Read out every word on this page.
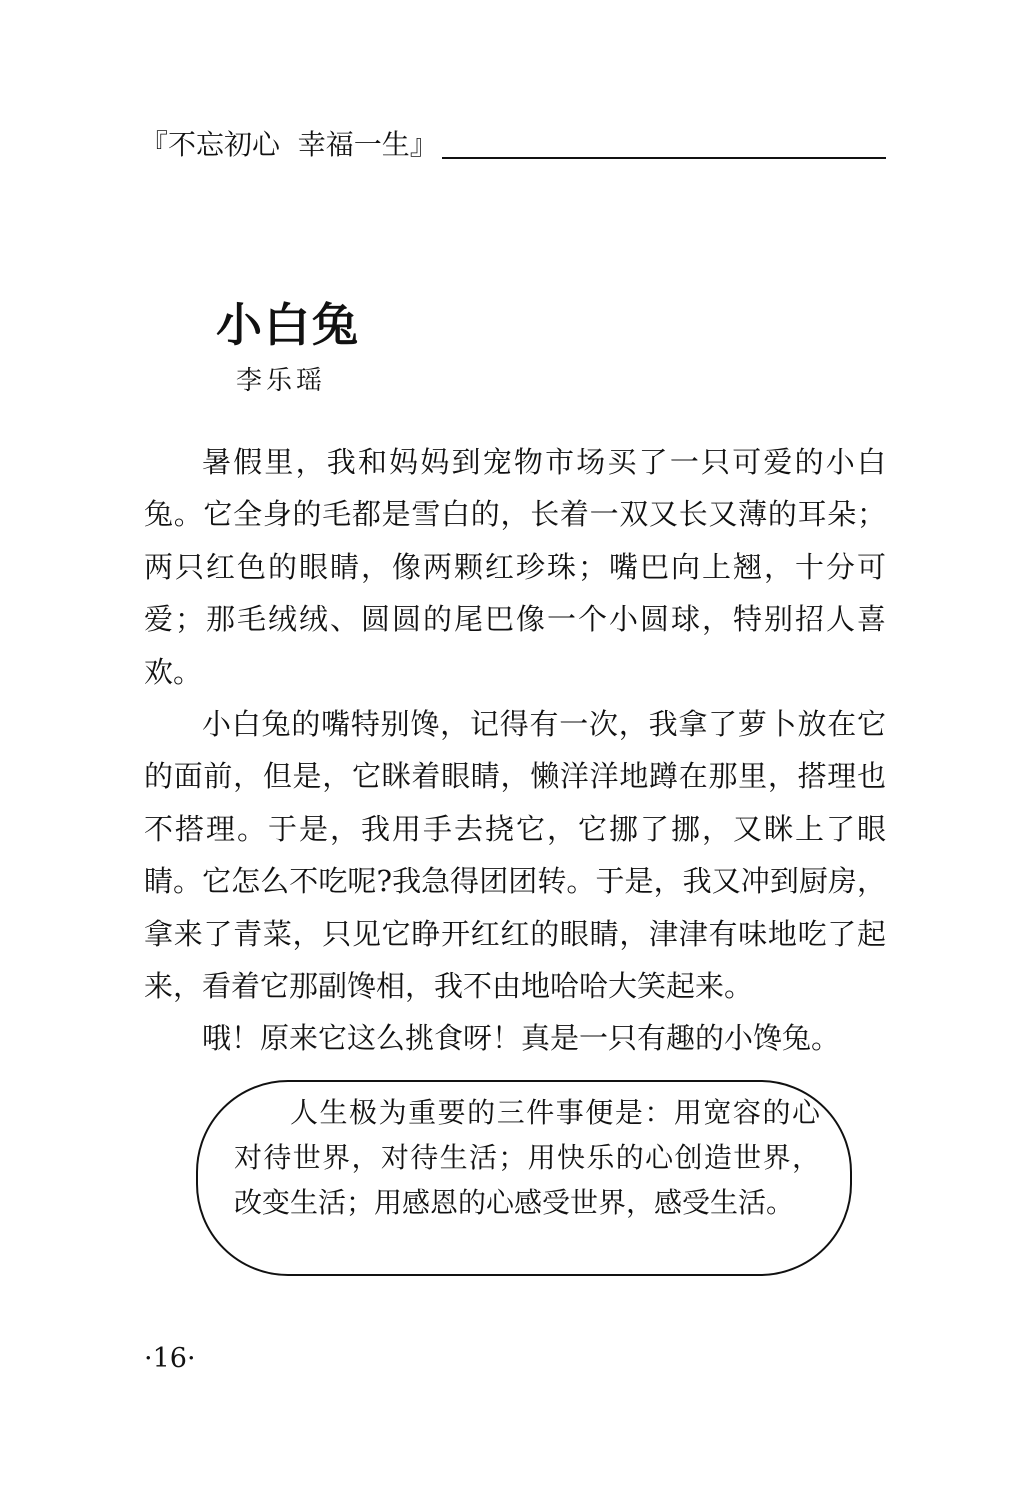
『不忘初心  幸福一生』
小白兔
李乐瑶

暑假里，我和妈妈到宠物市场买了一只可爱的小白兔。它全身的毛都是雪白的，长着一双又长又薄的耳朵；两只红色的眼睛，像两颗红珍珠；嘴巴向上翘，十分可爱；那毛绒绒、圆圆的尾巴像一个小圆球，特别招人喜欢。

小白兔的嘴特别馋，记得有一次，我拿了萝卜放在它的面前，但是，它眯着眼睛，懒洋洋地蹲在那里，搭理也不搭理。于是，我用手去挠它，它挪了挪，又眯上了眼睛。它怎么不吃呢?我急得团团转。于是，我又冲到厨房，拿来了青菜，只见它睁开红红的眼睛，津津有味地吃了起来，看着它那副馋相，我不由地哈哈大笑起来。

哦！原来它这么挑食呀！真是一只有趣的小馋兔。

人生极为重要的三件事便是：用宽容的心对待世界，对待生活；用快乐的心创造世界，改变生活；用感恩的心感受世界，感受生活。

·16·
